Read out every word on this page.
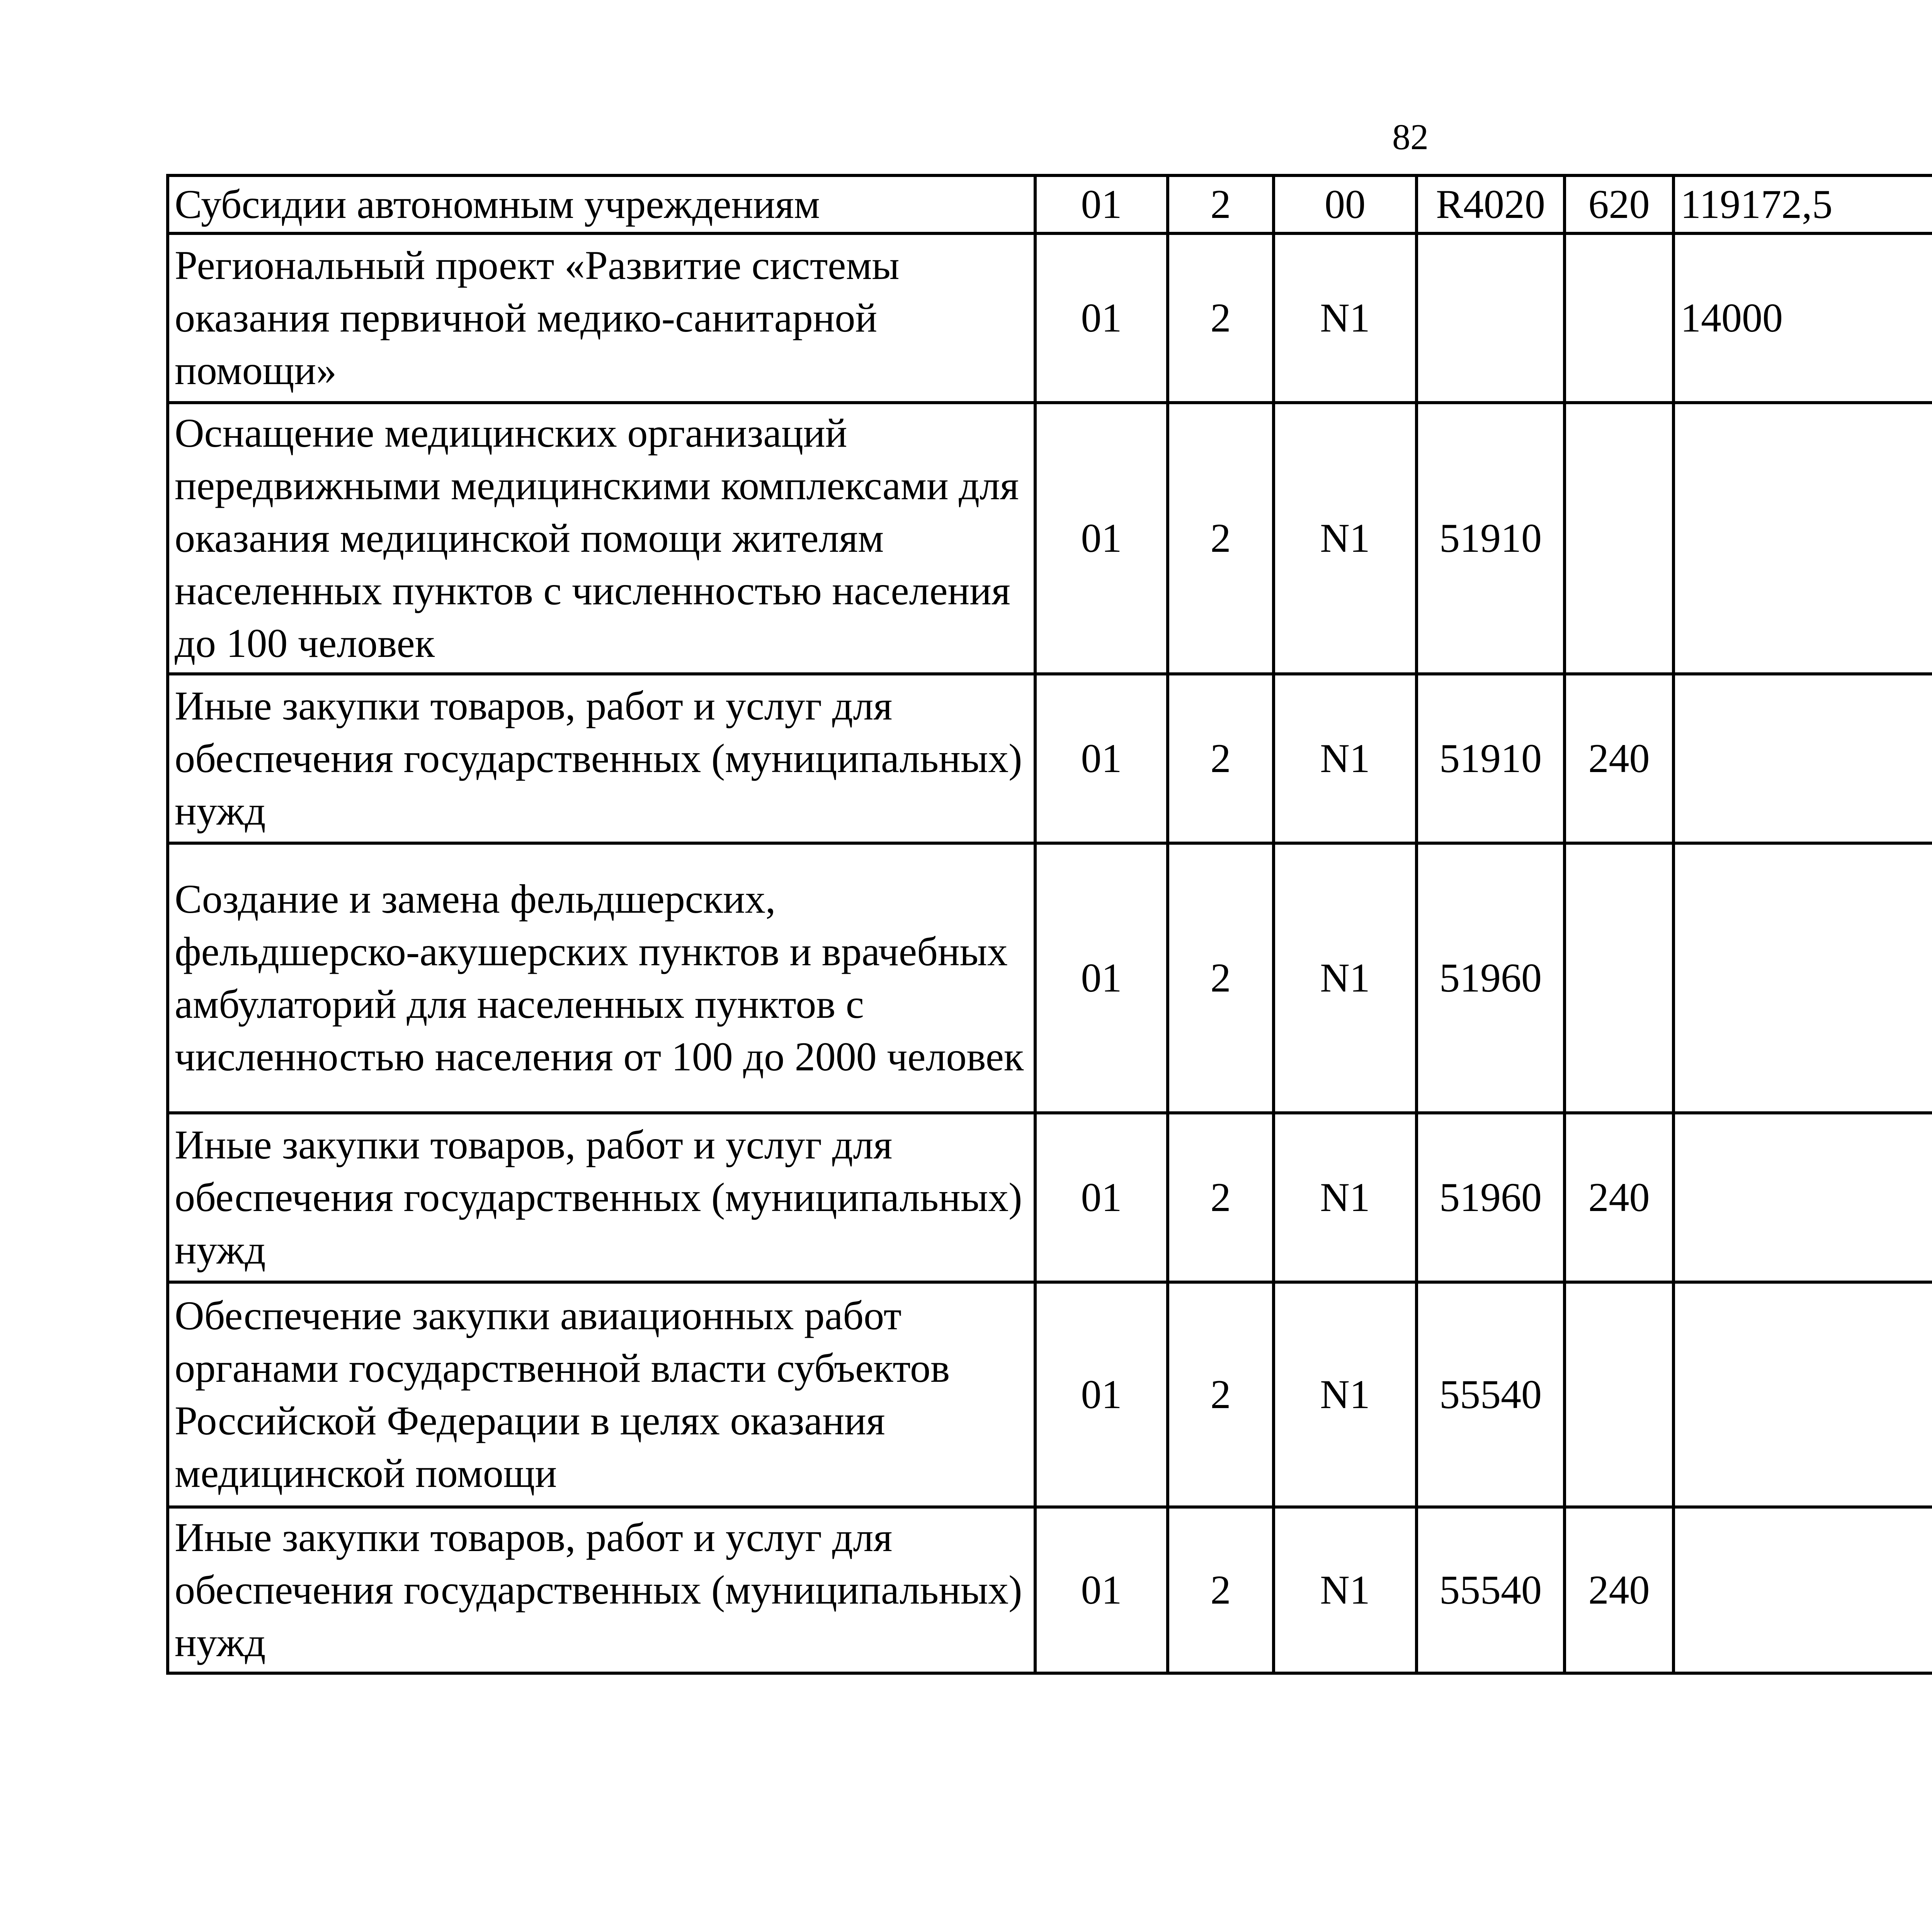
82
Субсидии автономным учреждениям	01	2	00	R4020	620	119172,5		
Региональный проект «Развитие системы оказания первичной медико-санитарной помощи»	01	2	N1			14000		
Оснащение медицинских организаций передвижными медицинскими комплексами для оказания медицинской помощи жителям населенных пунктов с численностью населения до 100 человек	01	2	N1	51910				
Иные закупки товаров, работ и услуг для обеспечения государственных (муниципальных) нужд	01	2	N1	51910	240			
Создание и замена фельдшерских, фельдшерско-акушерских пунктов и врачебных амбулаторий для населенных пунктов с численностью населения от 100 до 2000 человек	01	2	N1	51960				
Иные закупки товаров, работ и услуг для обеспечения государственных (муниципальных) нужд	01	2	N1	51960	240			
Обеспечение закупки авиационных работ органами государственной власти субъектов Российской Федерации в целях оказания медицинской помощи	01	2	N1	55540				
Иные закупки товаров, работ и услуг для обеспечения государственных (муниципальных) нужд	01	2	N1	55540	240			
